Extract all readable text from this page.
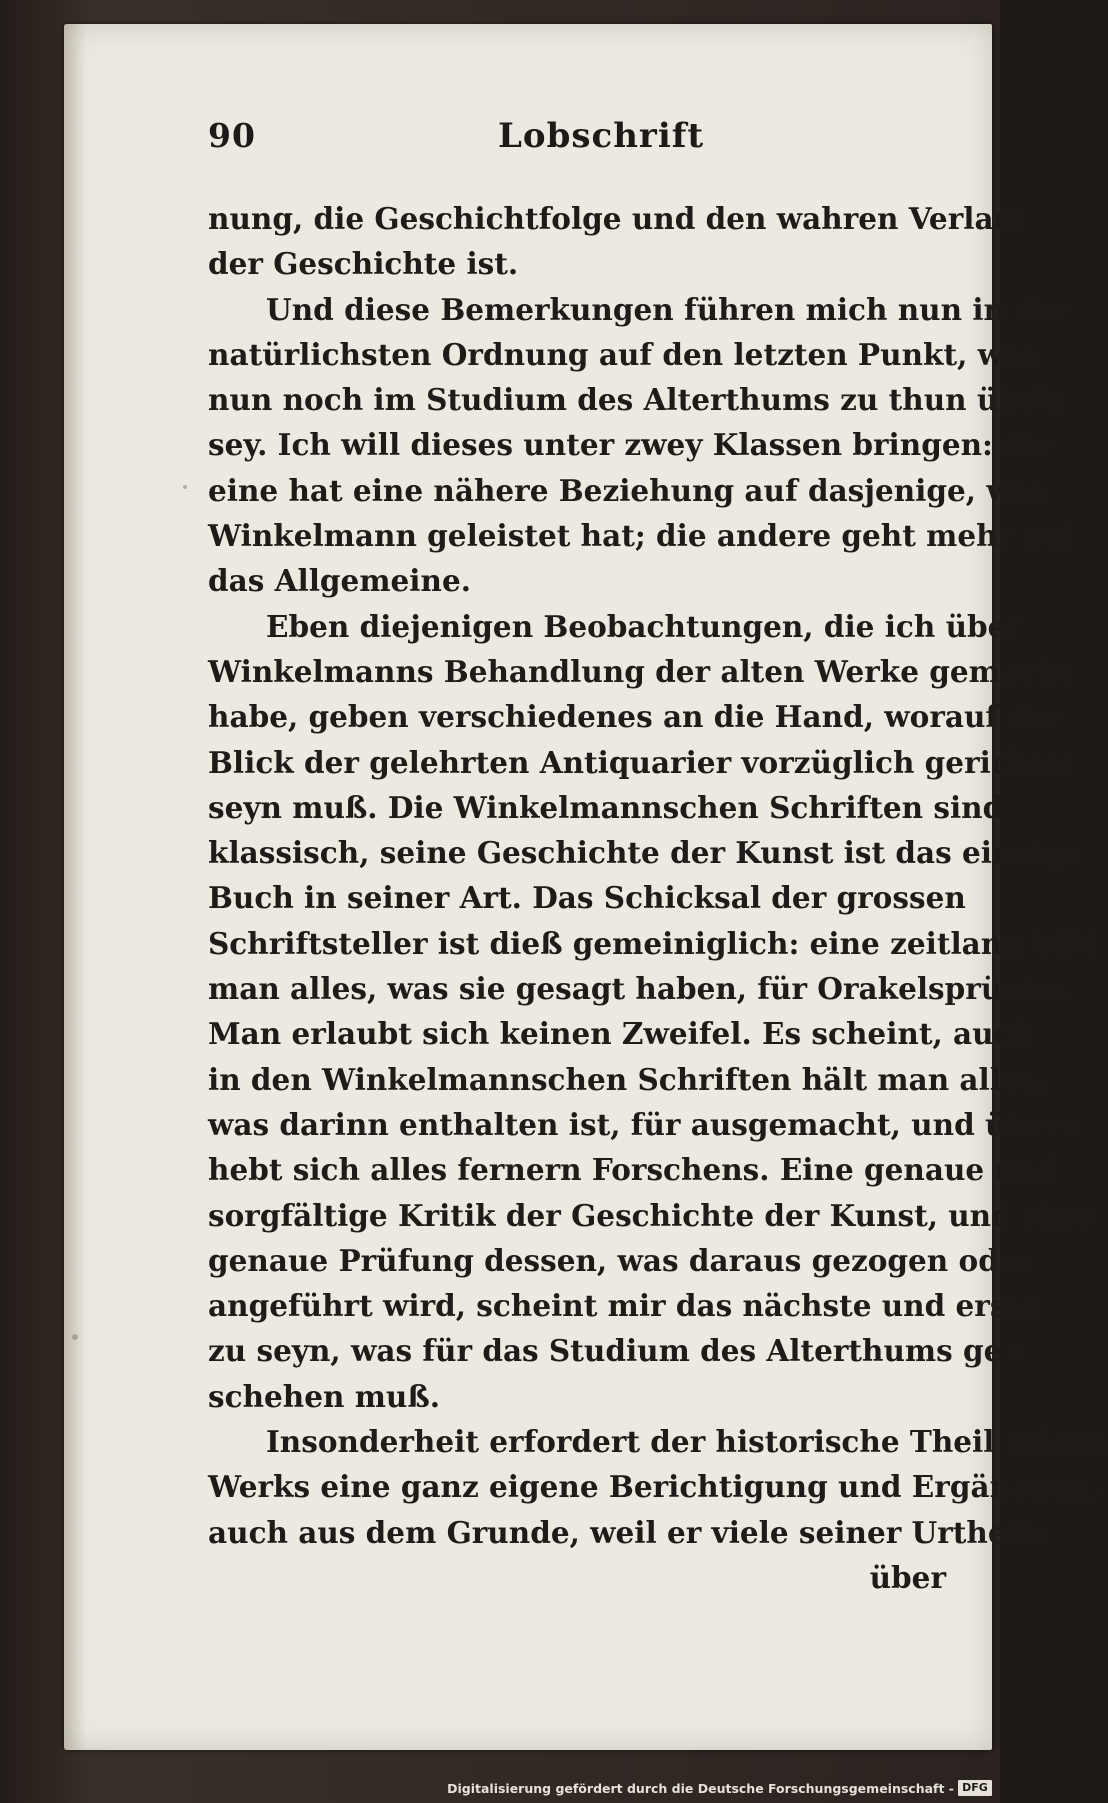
90	Lobschrift
nung, die Geschichtfolge und den wahren Verlauf
der Geschichte ist.
Und diese Bemerkungen führen mich nun in der
natürlichsten Ordnung auf den letzten Punkt, was
nun noch im Studium des Alterthums zu thun übrig
sey. Ich will dieses unter zwey Klassen bringen: die
eine hat eine nähere Beziehung auf dasjenige, was
Winkelmann geleistet hat; die andere geht mehr auf
das Allgemeine.
Eben diejenigen Beobachtungen, die ich über
Winkelmanns Behandlung der alten Werke gemacht
habe, geben verschiedenes an die Hand, worauf der
Blick der gelehrten Antiquarier vorzüglich gerichtet
seyn muß. Die Winkelmannschen Schriften sind
klassisch, seine Geschichte der Kunst ist das einzige
Buch in seiner Art. Das Schicksal der grossen
Schriftsteller ist dieß gemeiniglich: eine zeitlang hält
man alles, was sie gesagt haben, für Orakelsprüche.
Man erlaubt sich keinen Zweifel. Es scheint, auch
in den Winkelmannschen Schriften hält man alles,
was darinn enthalten ist, für ausgemacht, und über=
hebt sich alles fernern Forschens. Eine genaue und
sorgfältige Kritik der Geschichte der Kunst, und eine
genaue Prüfung dessen, was daraus gezogen oder
angeführt wird, scheint mir das nächste und erste
zu seyn, was für das Studium des Alterthums ge=
schehen muß.
Insonderheit erfordert der historische Theil seines
Werks eine ganz eigene Berichtigung und Ergänzung,
auch aus dem Grunde, weil er viele seiner Urtheile
über
Digitalisierung gefördert durch die Deutsche Forschungsgemeinschaft - DFG
